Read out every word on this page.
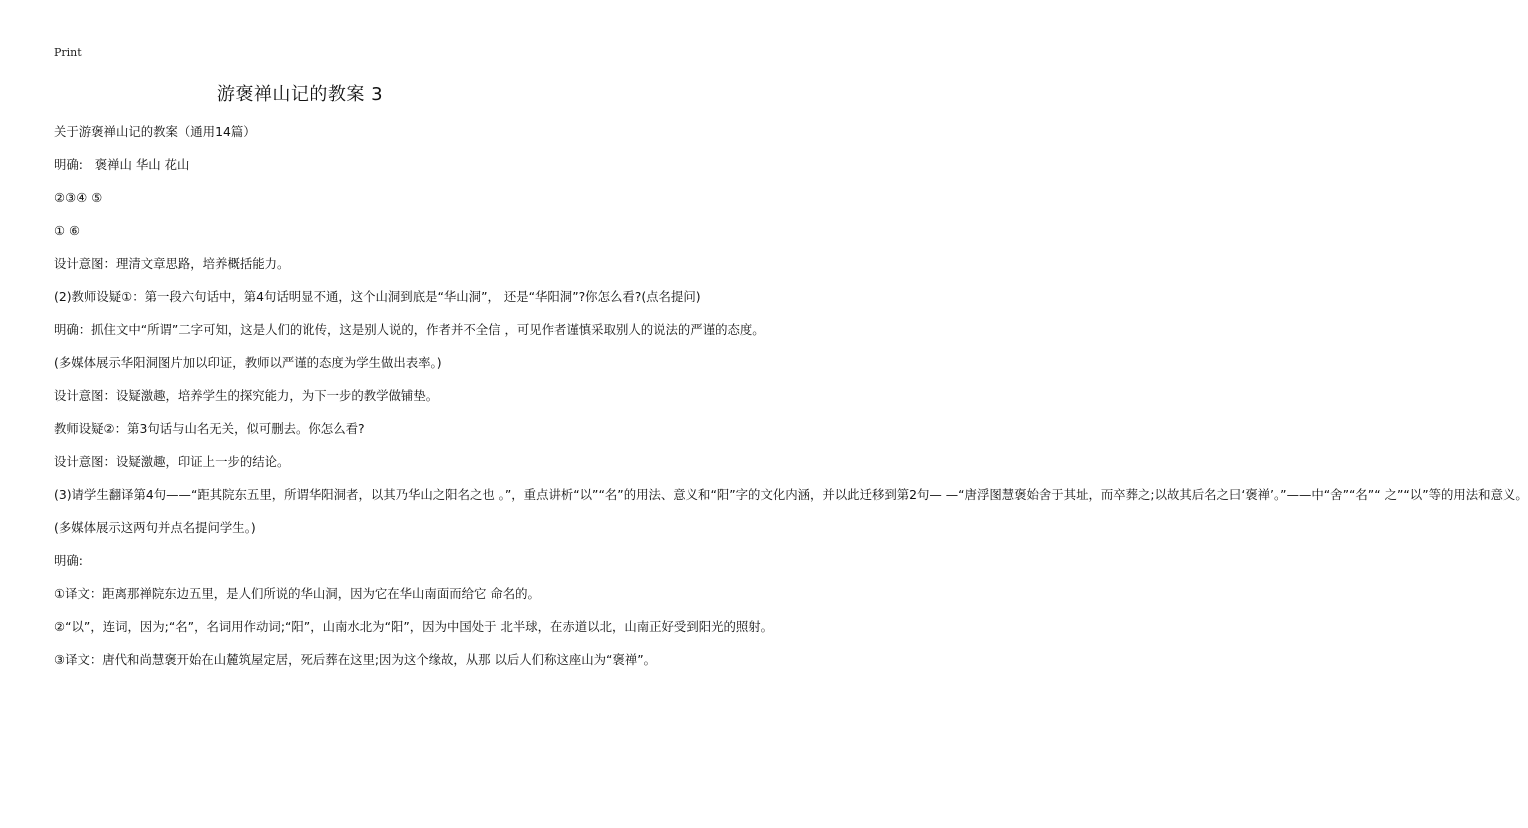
Print
游褒禅山记的教案 3

关于游褒禅山记的教案（通用14篇）

明确:   褒禅山 华山 花山

②③④ ⑤

① ⑥

设计意图：理清文章思路，培养概括能力。

(2)教师设疑①：第一段六句话中，第4句话明显不通，这个山洞到底是“华山洞”， 还是“华阳洞”?你怎么看?(点名提问)

明确：抓住文中“所谓”二字可知，这是人们的讹传，这是别人说的，作者并不全信 ，可见作者谨慎采取别人的说法的严谨的态度。

(多媒体展示华阳洞图片加以印证，教师以严谨的态度为学生做出表率。)

设计意图：设疑激趣，培养学生的探究能力，为下一步的教学做铺垫。

教师设疑②：第3句话与山名无关，似可删去。你怎么看?

设计意图：设疑激趣，印证上一步的结论。

(3)请学生翻译第4句——“距其院东五里，所谓华阳洞者，以其乃华山之阳名之也 。”，重点讲析“以”“名”的用法、意义和“阳”字的文化内涵，并以此迁移到第2句— —“唐浮图慧褒始舍于其址，而卒葬之;以故其后名之曰‘褒禅’。”——中“舍”“名”“ 之”“以”等的用法和意义。

(多媒体展示这两句并点名提问学生。)

明确:

①译文：距离那禅院东边五里，是人们所说的华山洞，因为它在华山南面而给它 命名的。

②“以”，连词，因为;“名”，名词用作动词;“阳”，山南水北为“阳”，因为中国处于 北半球，在赤道以北，山南正好受到阳光的照射。

③译文：唐代和尚慧褒开始在山麓筑屋定居，死后葬在这里;因为这个缘故，从那 以后人们称这座山为“褒禅”。
